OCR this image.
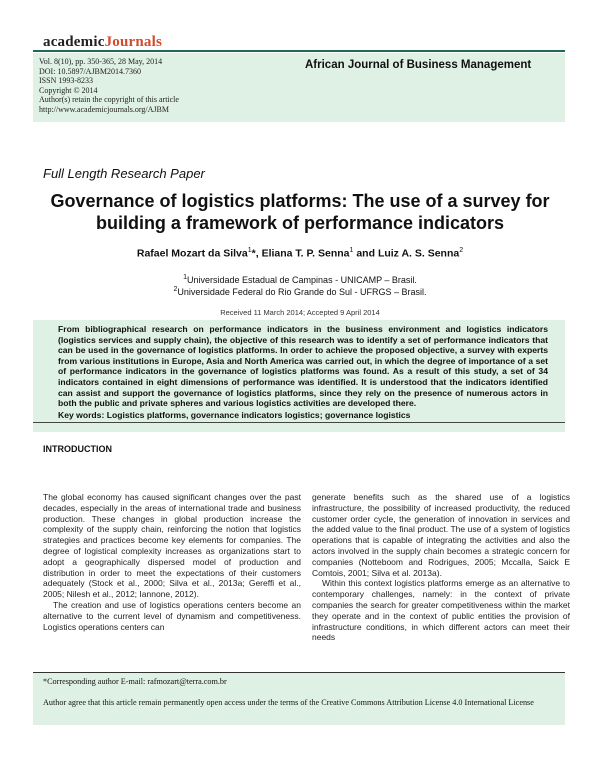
academicJournals
Vol. 8(10), pp. 350-365, 28 May, 2014
DOI: 10.5897/AJBM2014.7360
ISSN 1993-8233
Copyright © 2014
Author(s) retain the copyright of this article
http://www.academicjournals.org/AJBM
African Journal of Business Management
Full Length Research Paper
Governance of logistics platforms: The use of a survey for building a framework of performance indicators
Rafael Mozart da Silva$^1$*, Eliana T. P. Senna$^1$ and Luiz A. S. Senna$^2$
$^1$Universidade Estadual de Campinas - UNICAMP – Brasil.
$^2$Universidade Federal do Rio Grande do Sul - UFRGS – Brasil.
Received 11 March 2014; Accepted 9 April 2014
From bibliographical research on performance indicators in the business environment and logistics indicators (logistics services and supply chain), the objective of this research was to identify a set of performance indicators that can be used in the governance of logistics platforms. In order to achieve the proposed objective, a survey with experts from various institutions in Europe, Asia and North America was carried out, in which the degree of importance of a set of performance indicators in the governance of logistics platforms was found. As a result of this study, a set of 34 indicators contained in eight dimensions of performance was identified. It is understood that the indicators identified can assist and support the governance of logistics platforms, since they rely on the presence of numerous actors in both the public and private spheres and various logistics activities are developed there.
Key words: Logistics platforms, governance indicators logistics; governance logistics
INTRODUCTION

The global economy has caused significant changes over the past decades, especially in the areas of international trade and business production. These changes in global production increase the complexity of the supply chain, reinforcing the notion that logistics strategies and practices become key elements for companies. The degree of logistical complexity increases as organizations start to adopt a geographically dispersed model of production and distribution in order to meet the expectations of their customers adequately (Stock et al., 2000; Silva et al., 2013a; Gereffi et al., 2005; Nilesh et al., 2012; Iannone, 2012).

The creation and use of logistics operations centers become an alternative to the current level of dynamism and competitiveness. Logistics operations centers can

generate benefits such as the shared use of a logistics infrastructure, the possibility of increased productivity, the reduced customer order cycle, the generation of innovation in services and the added value to the final product. The use of a system of logistics operations that is capable of integrating the activities and also the actors involved in the supply chain becomes a strategic concern for companies (Notteboom and Rodrigues, 2005; Mccalla, Saick E Comtois, 2001; Silva et al. 2013a).

Within this context logistics platforms emerge as an alternative to contemporary challenges, namely: in the context of private companies the search for greater competitiveness within the market they operate and in the context of public entities the provision of infrastructure conditions, in which different actors can meet their needs

*Corresponding author E-mail: rafmozart@terra.com.br
Author agree that this article remain permanently open access under the terms of the Creative Commons Attribution License 4.0 International License
